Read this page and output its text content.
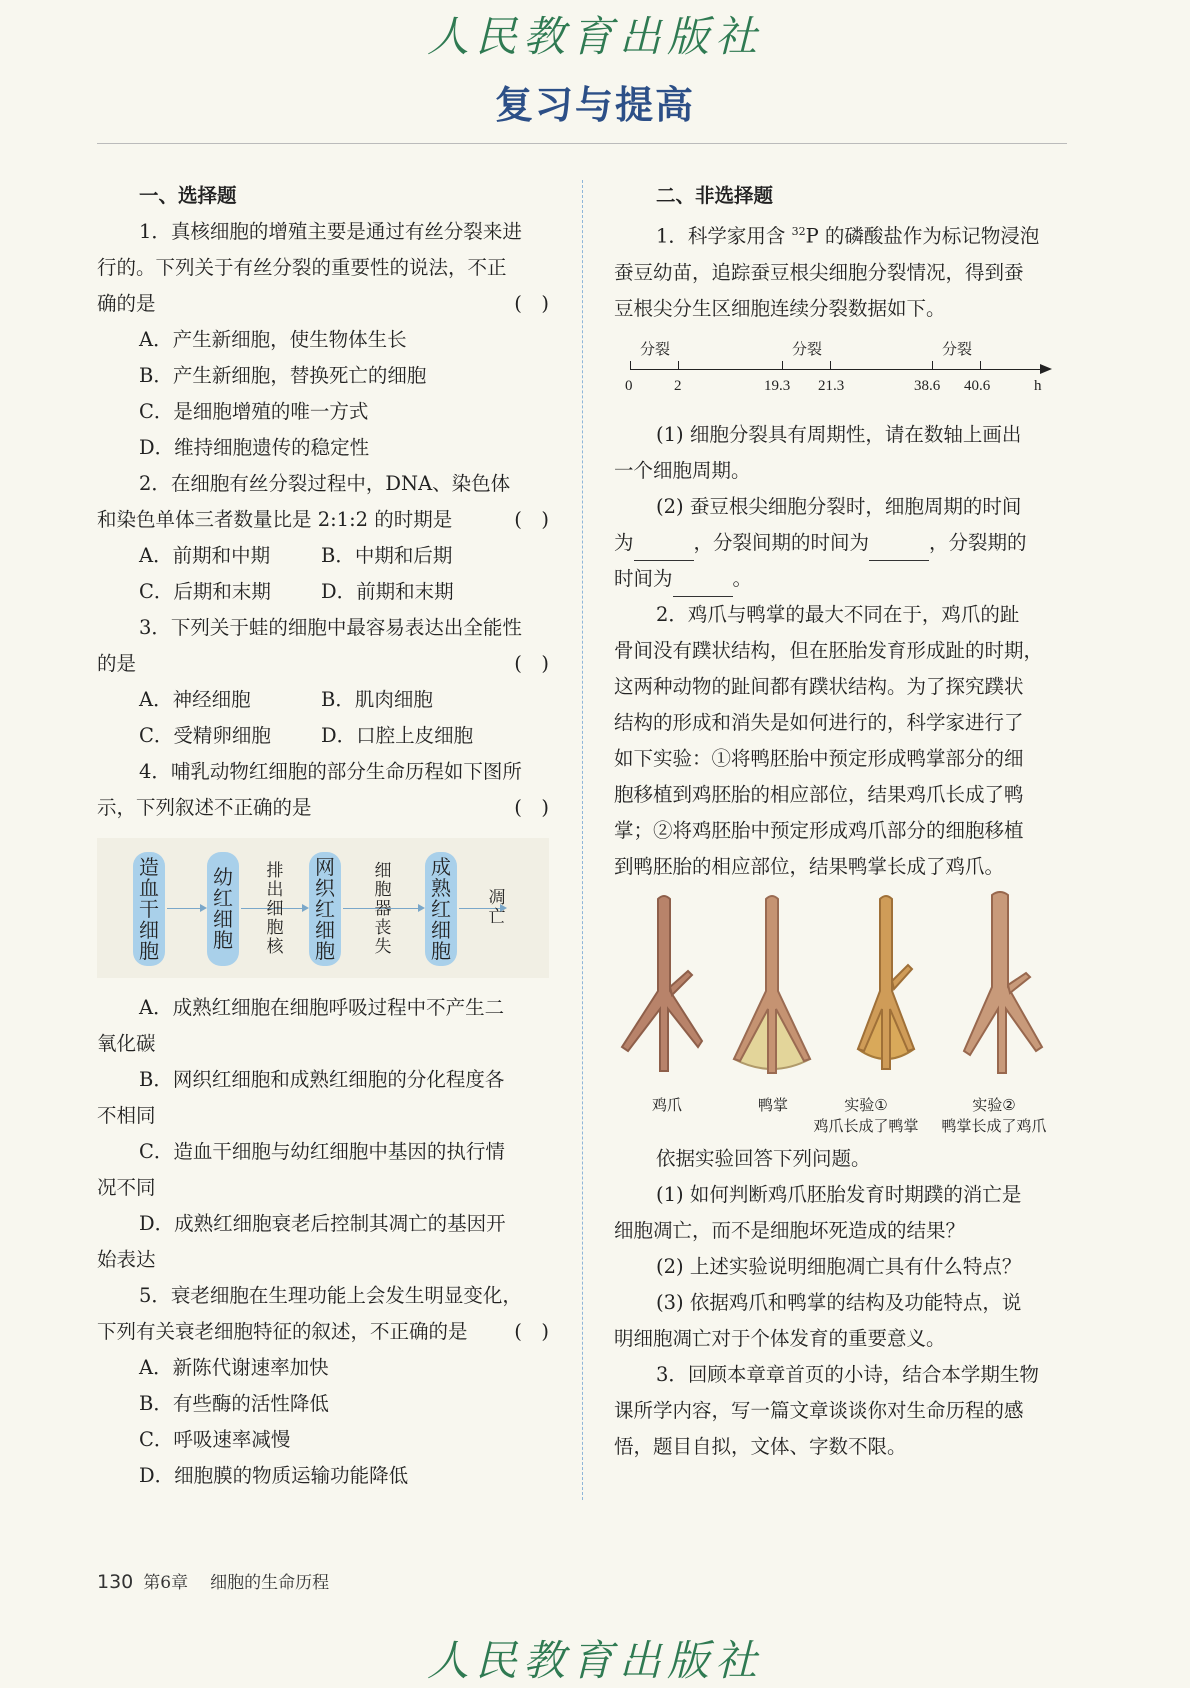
人民教育出版社
复习与提高

一、选择题

1．真核细胞的增殖主要是通过有丝分裂来进

行的。下列关于有丝分裂的重要性的说法，不正

确的是	(　)

A．产生新细胞，使生物体生长

B．产生新细胞，替换死亡的细胞

C．是细胞增殖的唯一方式

D．维持细胞遗传的稳定性

2．在细胞有丝分裂过程中，DNA、染色体

和染色单体三者数量比是 2:1:2 的时期是	(　)

A．前期和中期	B．中期和后期

C．后期和末期	D．前期和末期

3．下列关于蛙的细胞中最容易表达出全能性

的是	(　)

A．神经细胞	B．肌肉细胞

C．受精卵细胞	D．口腔上皮细胞

4．哺乳动物红细胞的部分生命历程如下图所

示，下列叙述不正确的是	(　)

造血干细胞
幼红细胞
排出细胞核
网织红细胞
细胞器丧失
成熟红细胞
凋亡

A．成熟红细胞在细胞呼吸过程中不产生二

氧化碳

B．网织红细胞和成熟红细胞的分化程度各

不相同

C．造血干细胞与幼红细胞中基因的执行情

况不同

D．成熟红细胞衰老后控制其凋亡的基因开

始表达

5．衰老细胞在生理功能上会发生明显变化，

下列有关衰老细胞特征的叙述，不正确的是 (　)

A．新陈代谢速率加快

B．有些酶的活性降低

C．呼吸速率减慢

D．细胞膜的物质运输功能降低

二、非选择题

1．科学家用含 $^{32}$P 的磷酸盐作为标记物浸泡

蚕豆幼苗，追踪蚕豆根尖细胞分裂情况，得到蚕

豆根尖分生区细胞连续分裂数据如下。

分裂	分裂	分裂
0	2	19.3 21.3	38.6 40.6	h

(1) 细胞分裂具有周期性，请在数轴上画出

一个细胞周期。

(2) 蚕豆根尖细胞分裂时，细胞周期的时间

为	，分裂间期的时间为	，分裂期的

时间为	。

2．鸡爪与鸭掌的最大不同在于，鸡爪的趾

骨间没有蹼状结构，但在胚胎发育形成趾的时期，

这两种动物的趾间都有蹼状结构。为了探究蹼状

结构的形成和消失是如何进行的，科学家进行了

如下实验：①将鸭胚胎中预定形成鸭掌部分的细

胞移植到鸡胚胎的相应部位，结果鸡爪长成了鸭

掌；②将鸡胚胎中预定形成鸡爪部分的细胞移植

到鸭胚胎的相应部位，结果鸭掌长成了鸡爪。

鸡爪	鸭掌	实验①
鸡爪长成了鸭掌
实验②
鸭掌长成了鸡爪

依据实验回答下列问题。

(1) 如何判断鸡爪胚胎发育时期蹼的消亡是

细胞凋亡，而不是细胞坏死造成的结果？

(2) 上述实验说明细胞凋亡具有什么特点？

(3) 依据鸡爪和鸭掌的结构及功能特点，说

明细胞凋亡对于个体发育的重要意义。

3．回顾本章章首页的小诗，结合本学期生物

课所学内容，写一篇文章谈谈你对生命历程的感

悟，题目自拟，文体、字数不限。

130 第6章 细胞的生命历程
人民教育出版社
